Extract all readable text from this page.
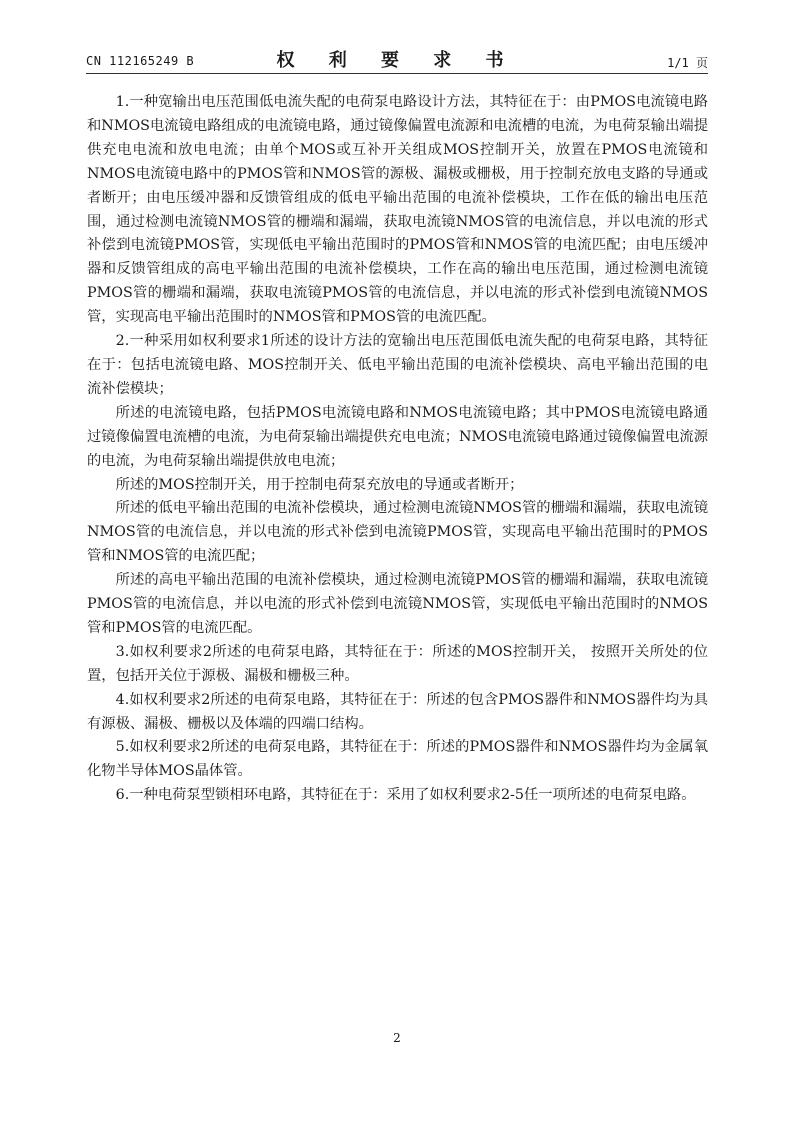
CN 112165249 B	权 利 要 求 书	1/1 页

1.一种宽输出电压范围低电流失配的电荷泵电路设计方法，其特征在于：由PMOS电流镜电路和NMOS电流镜电路组成的电流镜电路，通过镜像偏置电流源和电流槽的电流，为电荷泵输出端提供充电电流和放电电流；由单个MOS或互补开关组成MOS控制开关，放置在PMOS电流镜和NMOS电流镜电路中的PMOS管和NMOS管的源极、漏极或栅极，用于控制充放电支路的导通或者断开；由电压缓冲器和反馈管组成的低电平输出范围的电流补偿模块，工作在低的输出电压范围，通过检测电流镜NMOS管的栅端和漏端，获取电流镜NMOS管的电流信息，并以电流的形式补偿到电流镜PMOS管，实现低电平输出范围时的PMOS管和NMOS管的电流匹配；由电压缓冲器和反馈管组成的高电平输出范围的电流补偿模块，工作在高的输出电压范围，通过检测电流镜PMOS管的栅端和漏端，获取电流镜PMOS管的电流信息，并以电流的形式补偿到电流镜NMOS管，实现高电平输出范围时的NMOS管和PMOS管的电流匹配。

2.一种采用如权利要求1所述的设计方法的宽输出电压范围低电流失配的电荷泵电路，其特征在于：包括电流镜电路、MOS控制开关、低电平输出范围的电流补偿模块、高电平输出范围的电流补偿模块；

所述的电流镜电路，包括PMOS电流镜电路和NMOS电流镜电路；其中PMOS电流镜电路通过镜像偏置电流槽的电流，为电荷泵输出端提供充电电流；NMOS电流镜电路通过镜像偏置电流源的电流，为电荷泵输出端提供放电电流；

所述的MOS控制开关，用于控制电荷泵充放电的导通或者断开；

所述的低电平输出范围的电流补偿模块，通过检测电流镜NMOS管的栅端和漏端，获取电流镜NMOS管的电流信息，并以电流的形式补偿到电流镜PMOS管，实现高电平输出范围时的PMOS管和NMOS管的电流匹配；

所述的高电平输出范围的电流补偿模块，通过检测电流镜PMOS管的栅端和漏端，获取电流镜PMOS管的电流信息，并以电流的形式补偿到电流镜NMOS管，实现低电平输出范围时的NMOS管和PMOS管的电流匹配。

3.如权利要求2所述的电荷泵电路，其特征在于：所述的MOS控制开关， 按照开关所处的位置，包括开关位于源极、漏极和栅极三种。

4.如权利要求2所述的电荷泵电路，其特征在于：所述的包含PMOS器件和NMOS器件均为具有源极、漏极、栅极以及体端的四端口结构。

5.如权利要求2所述的电荷泵电路，其特征在于：所述的PMOS器件和NMOS器件均为金属氧化物半导体MOS晶体管。

6.一种电荷泵型锁相环电路，其特征在于：采用了如权利要求2-5任一项所述的电荷泵电路。

2
